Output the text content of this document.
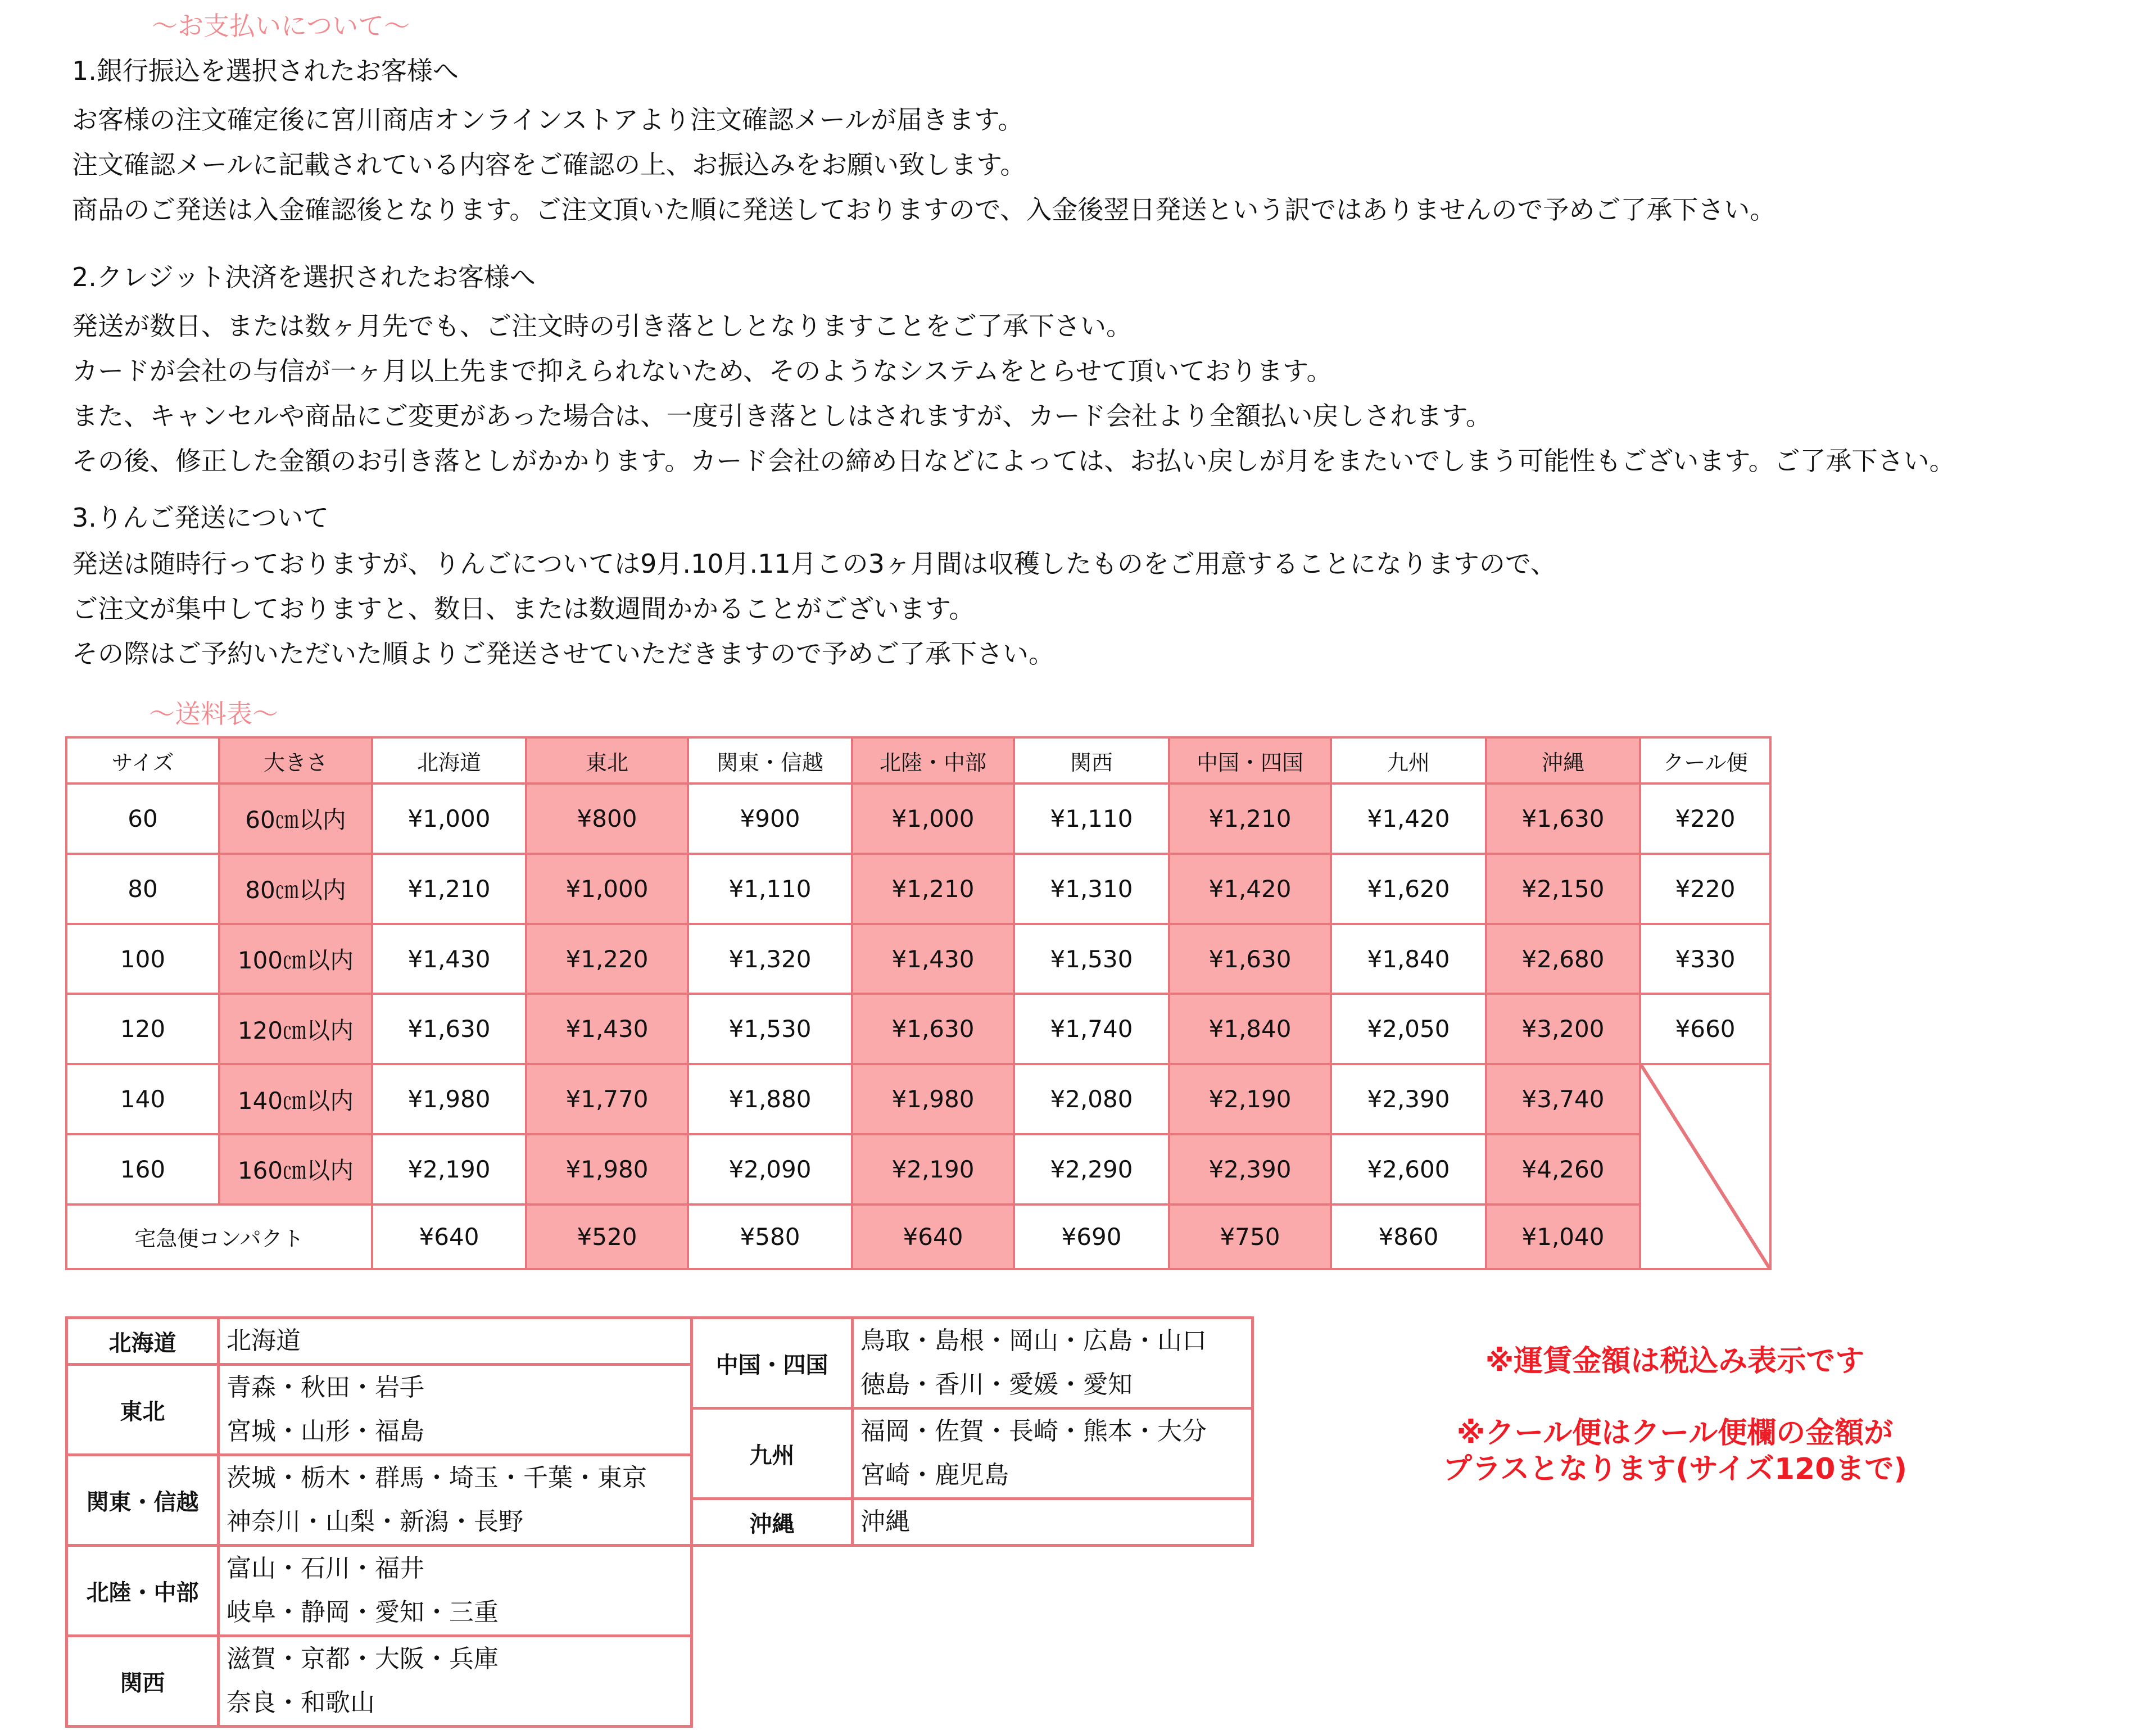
～お支払いについて～
1.銀行振込を選択されたお客様へ
お客様の注文確定後に宮川商店オンラインストアより注文確認メールが届きます。
注文確認メールに記載されている内容をご確認の上、お振込みをお願い致します。
商品のご発送は入金確認後となります。ご注文頂いた順に発送しておりますので、入金後翌日発送という訳ではありませんので予めご了承下さい。
2.クレジット決済を選択されたお客様へ
発送が数日、または数ヶ月先でも、ご注文時の引き落としとなりますことをご了承下さい。
カードが会社の与信が一ヶ月以上先まで抑えられないため、そのようなシステムをとらせて頂いております。
また、キャンセルや商品にご変更があった場合は、一度引き落としはされますが、カード会社より全額払い戻しされます。
その後、修正した金額のお引き落としがかかります。カード会社の締め日などによっては、お払い戻しが月をまたいでしまう可能性もございます。ご了承下さい。
3.りんご発送について
発送は随時行っておりますが、りんごについては9月.10月.11月この3ヶ月間は収穫したものをご用意することになりますので、
ご注文が集中しておりますと、数日、または数週間かかることがございます。
その際はご予約いただいた順よりご発送させていただきますので予めご了承下さい。
～送料表～
サイズ	大きさ	北海道	東北	関東・信越	北陸・中部	関西	中国・四国	九州	沖縄	クール便
60	60㎝以内	¥1,000	¥800	¥900	¥1,000	¥1,110	¥1,210	¥1,420	¥1,630	¥220
80	80㎝以内	¥1,210	¥1,000	¥1,110	¥1,210	¥1,310	¥1,420	¥1,620	¥2,150	¥220
100	100㎝以内	¥1,430	¥1,220	¥1,320	¥1,430	¥1,530	¥1,630	¥1,840	¥2,680	¥330
120	120㎝以内	¥1,630	¥1,430	¥1,530	¥1,630	¥1,740	¥1,840	¥2,050	¥3,200	¥660
140	140㎝以内	¥1,980	¥1,770	¥1,880	¥1,980	¥2,080	¥2,190	¥2,390	¥3,740	
160	160㎝以内	¥2,190	¥1,980	¥2,090	¥2,190	¥2,290	¥2,390	¥2,600	¥4,260	
宅急便コンパクト		¥640	¥520	¥580	¥640	¥690	¥750	¥860	¥1,040	
北海道	北海道

東北	青森・秋田・岩手
宮城・山形・福島

関東・信越	茨城・栃木・群馬・埼玉・千葉・東京
神奈川・山梨・新潟・長野

北陸・中部	富山・石川・福井
岐阜・静岡・愛知・三重

関西	滋賀・京都・大阪・兵庫
奈良・和歌山
中国・四国	鳥取・島根・岡山・広島・山口
徳島・香川・愛媛・愛知

九州	福岡・佐賀・長崎・熊本・大分
宮崎・鹿児島

沖縄	沖縄
※運賃金額は税込み表示です
※クール便はクール便欄の金額が
プラスとなります(サイズ120まで)
